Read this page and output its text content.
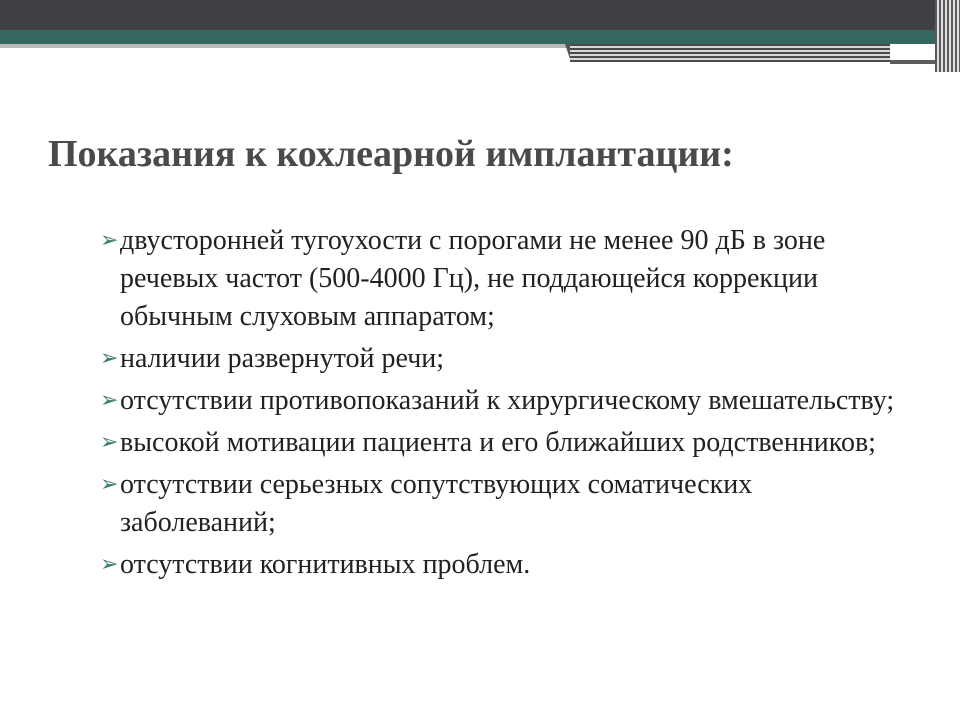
Показания к кохлеарной имплантации:
➢ двусторонней тугоухости с порогами не менее 90 дБ в зоне речевых частот (500-4000 Гц), не поддающейся коррекции обычным слуховым аппаратом;
➢ наличии развернутой речи;
➢ отсутствии противопоказаний к хирургическому вмешательству;
➢ высокой мотивации пациента и его ближайших родственников;
➢ отсутствии серьезных сопутствующих соматических заболеваний;
➢ отсутствии когнитивных проблем.
